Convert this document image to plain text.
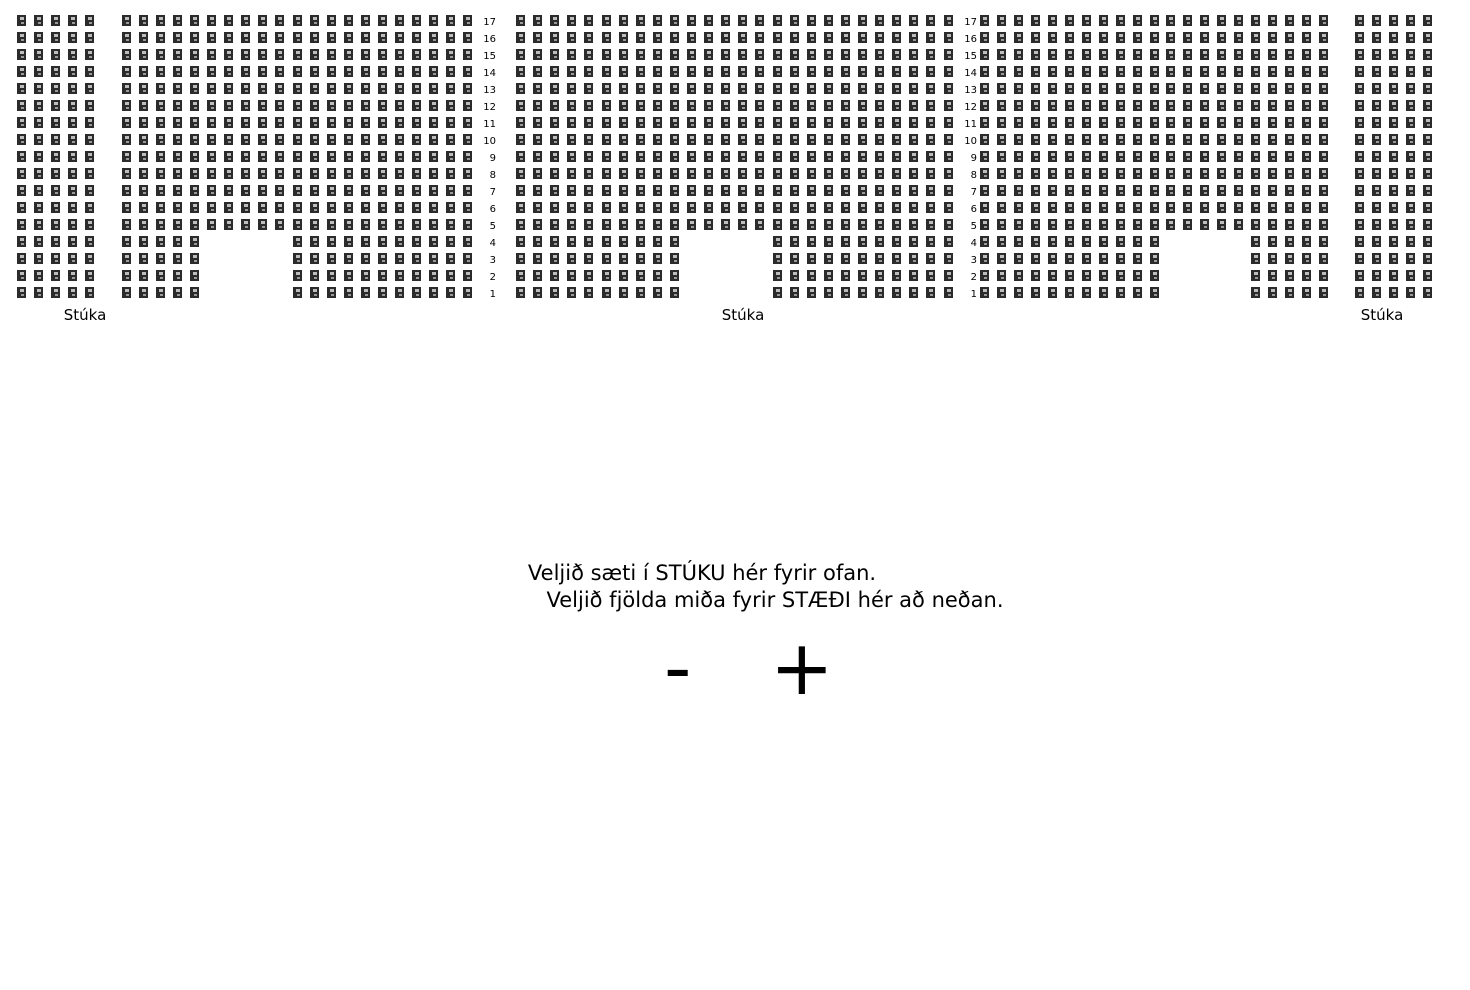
1
2
3
4
5
6
7
8
9
10
11
12
13
14
15
16
17
1
2
3
4
5
6
7
8
9
10
11
12
13
14
15
16
17
Stúka	Stúka	Stúka
Veljið sæti í STÚKU hér fyrir ofan.
Veljið fjölda miða fyrir STÆÐI hér að neðan.
- +
